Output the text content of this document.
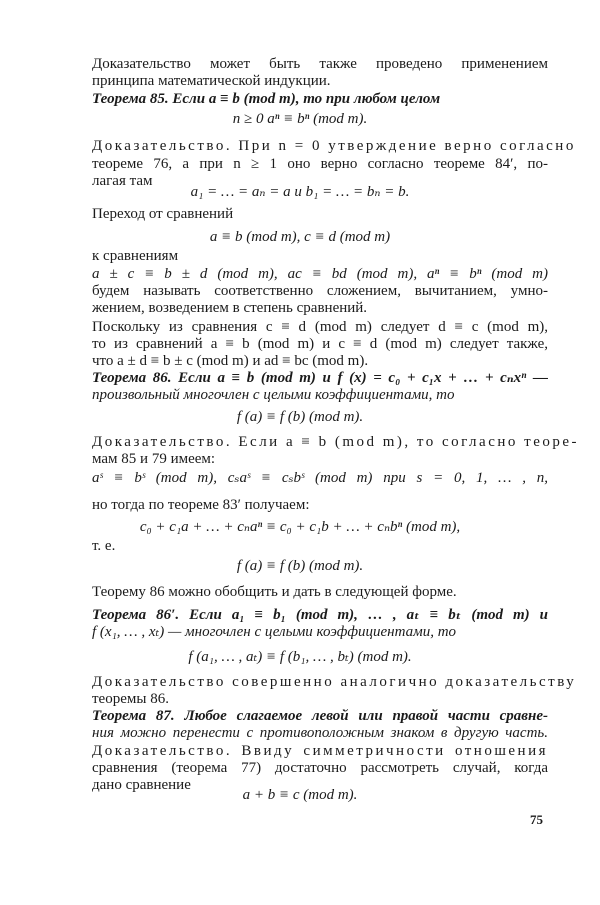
Доказательство может быть также проведено применением
принципа математической индукции.
Теорема 85. Если a ≡ b (mod m), то при любом целом
n ≥ 0 aⁿ ≡ bⁿ (mod m).
Доказательство. При n = 0 утверждение верно согласно
теореме 76, а при n ≥ 1 оно верно согласно теореме 84′, по-
лагая там
a₁ = … = aₙ = a и b₁ = … = bₙ = b.
Переход от сравнений
a ≡ b (mod m), c ≡ d (mod m)
к сравнениям
a ± c ≡ b ± d (mod m), ac ≡ bd (mod m), aⁿ ≡ bⁿ (mod m)
будем называть соответственно сложением, вычитанием, умно-
жением, возведением в степень сравнений.
Поскольку из сравнения c ≡ d (mod m) следует d ≡ c (mod m),
то из сравнений a ≡ b (mod m) и c ≡ d (mod m) следует также,
что a ± d ≡ b ± c (mod m) и ad ≡ bc (mod m).
Теорема 86. Если a ≡ b (mod m) и f (x) = c₀ + c₁x + … + cₙxⁿ —
произвольный многочлен с целыми коэффициентами, то
f (a) ≡ f (b) (mod m).
Доказательство. Если a ≡ b (mod m), то согласно теоре-
мам 85 и 79 имеем:
aˢ ≡ bˢ (mod m), cₛaˢ ≡ cₛbˢ (mod m) при s = 0, 1, … , n,
но тогда по теореме 83′ получаем:
c₀ + c₁a + … + cₙaⁿ ≡ c₀ + c₁b + … + cₙbⁿ (mod m),
т. е.
f (a) ≡ f (b) (mod m).
Теорему 86 можно обобщить и дать в следующей форме.
Теорема 86′. Если a₁ ≡ b₁ (mod m), … , aₜ ≡ bₜ (mod m) и
f (x₁, … , xₜ) — многочлен с целыми коэффициентами, то
f (a₁, … , aₜ) ≡ f (b₁, … , bₜ) (mod m).
Доказательство совершенно аналогично доказательству
теоремы 86.
Теорема 87. Любое слагаемое левой или правой части сравне-
ния можно перенести с противоположным знаком в другую часть.
Доказательство. Ввиду симметричности отношения
сравнения (теорема 77) достаточно рассмотреть случай, когда
дано сравнение
a + b ≡ c (mod m).
75
